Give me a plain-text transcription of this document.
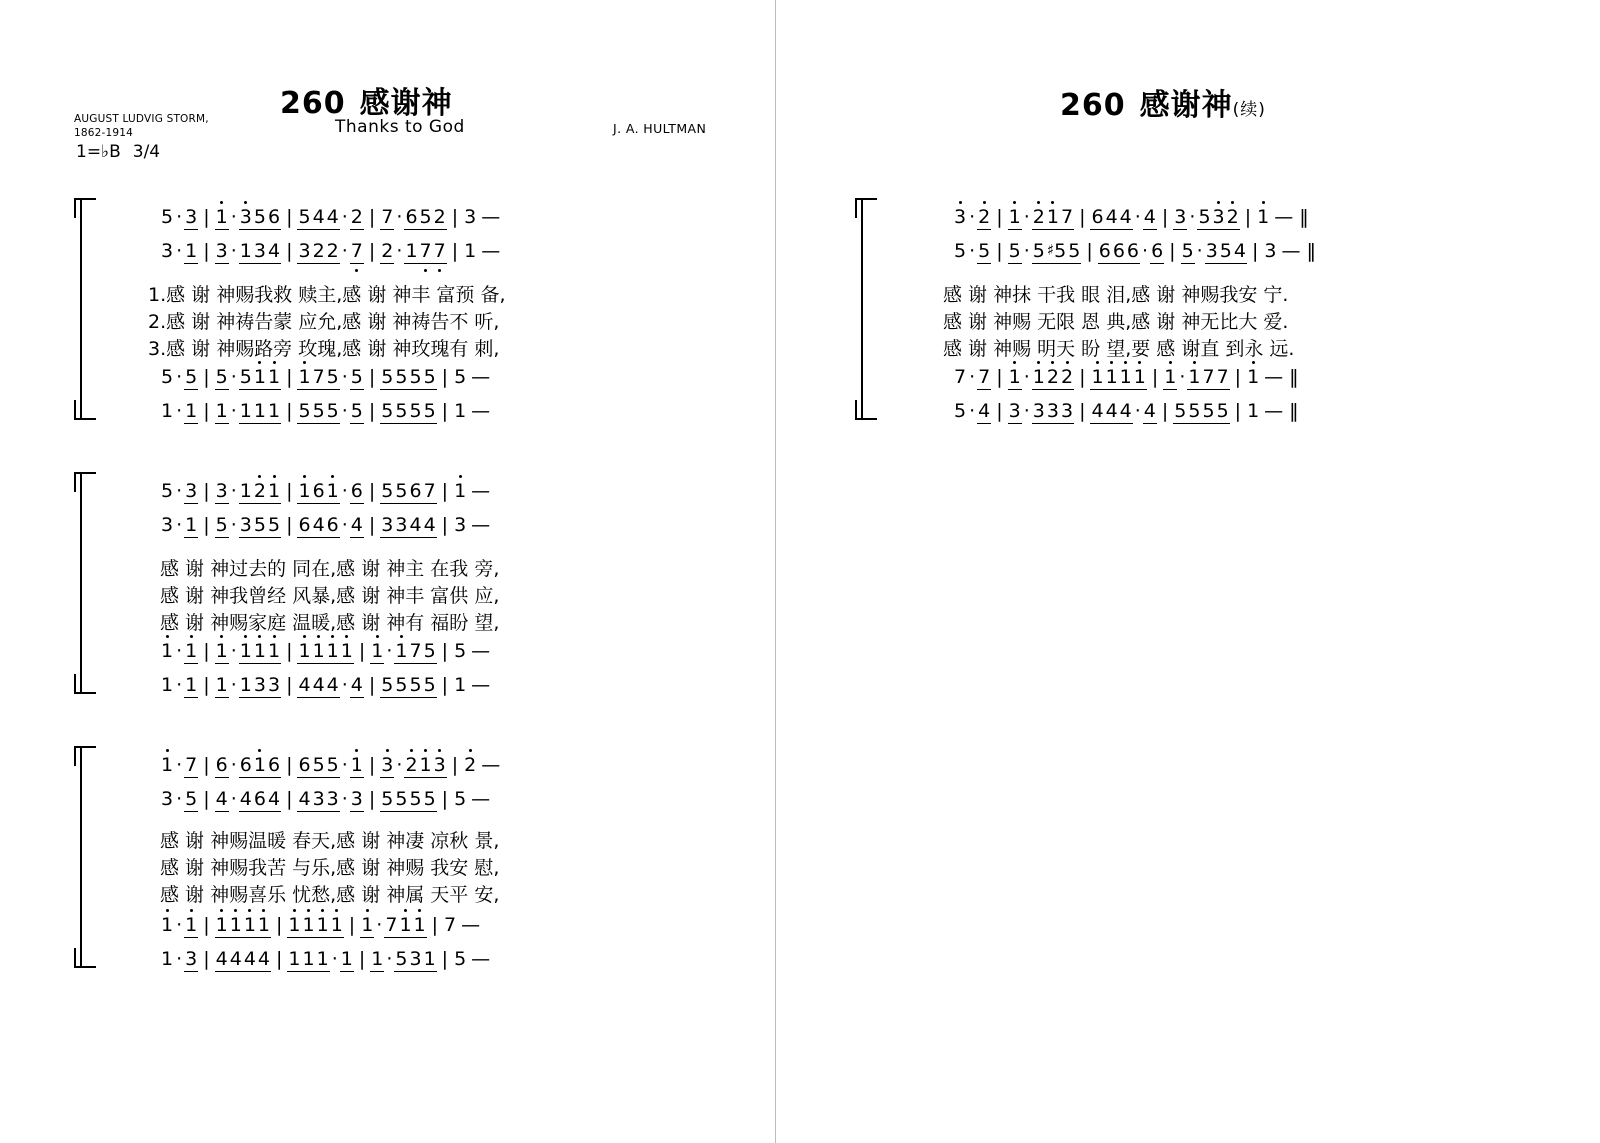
260 感谢神
Thanks to God
AUGUST LUDVIG STORM,
1862-1914	J. A. HULTMAN
1=♭B 3/4
5 · 3 | 1 · 3 5 6 | 5 4 4 · 2 | 7 · 6 5 2 | 3 —
3 · 1 | 3 · 1 3 4 | 3 2 2 · 7 | 2 · 1 7 7 | 1 —
1.感 谢 神赐我救 赎主,感 谢 神丰 富预 备,
2.感 谢 神祷告蒙 应允,感 谢 神祷告不 听,
3.感 谢 神赐路旁 玫瑰,感 谢 神玫瑰有 刺,
5 · 5 | 5 · 5 1 1 | 1 7 5 · 5 | 5 5 5 5 | 5 —
1 · 1 | 1 · 1 1 1 | 5 5 5 · 5 | 5 5 5 5 | 1 —
5 · 3 | 3 · 1 2 1 | 1 6 1 · 6 | 5 5 6 7 | 1 —
3 · 1 | 5 · 3 5 5 | 6 4 6 · 4 | 3 3 4 4 | 3 —
感 谢 神过去的 同在,感 谢 神主 在我 旁,
感 谢 神我曾经 风暴,感 谢 神丰 富供 应,
感 谢 神赐家庭 温暖,感 谢 神有 福盼 望,
1 · 1 | 1 · 1 1 1 | 1 1 1 1 | 1 · 1 7 5 | 5 —
1 · 1 | 1 · 1 3 3 | 4 4 4 · 4 | 5 5 5 5 | 1 —
1 · 7 | 6 · 6 1 6 | 6 5 5 · 1 | 3 · 2 1 3 | 2 —
3 · 5 | 4 · 4 6 4 | 4 3 3 · 3 | 5 5 5 5 | 5 —
感 谢 神赐温暖 春天,感 谢 神凄 凉秋 景,
感 谢 神赐我苦 与乐,感 谢 神赐 我安 慰,
感 谢 神赐喜乐 忧愁,感 谢 神属 天平 安,
1 · 1 | 1 1 1 1 | 1 1 1 1 | 1 · 7 1 1 | 7 —
1 · 3 | 4 4 4 4 | 1 1 1 · 1 | 1 · 5 3 1 | 5 —
260 感谢神(续)
3 · 2 | 1 · 2 1 7 | 6 4 4 · 4 | 3 · 5 3 2 | 1 — ‖
5 · 5 | 5 · 5 ♯5 5 | 6 6 6 · 6 | 5 · 3 5 4 | 3 — ‖
感 谢 神抹 干我 眼 泪,感 谢 神赐我安 宁.
感 谢 神赐 无限 恩 典,感 谢 神无比大 爱.
感 谢 神赐 明天 盼 望,要 感 谢直 到永 远.
7 · 7 | 1 · 1 2 2 | 1 1 1 1 | 1 · 1 7 7 | 1 — ‖
5 · 4 | 3 · 3 3 3 | 4 4 4 · 4 | 5 5 5 5 | 1 — ‖
